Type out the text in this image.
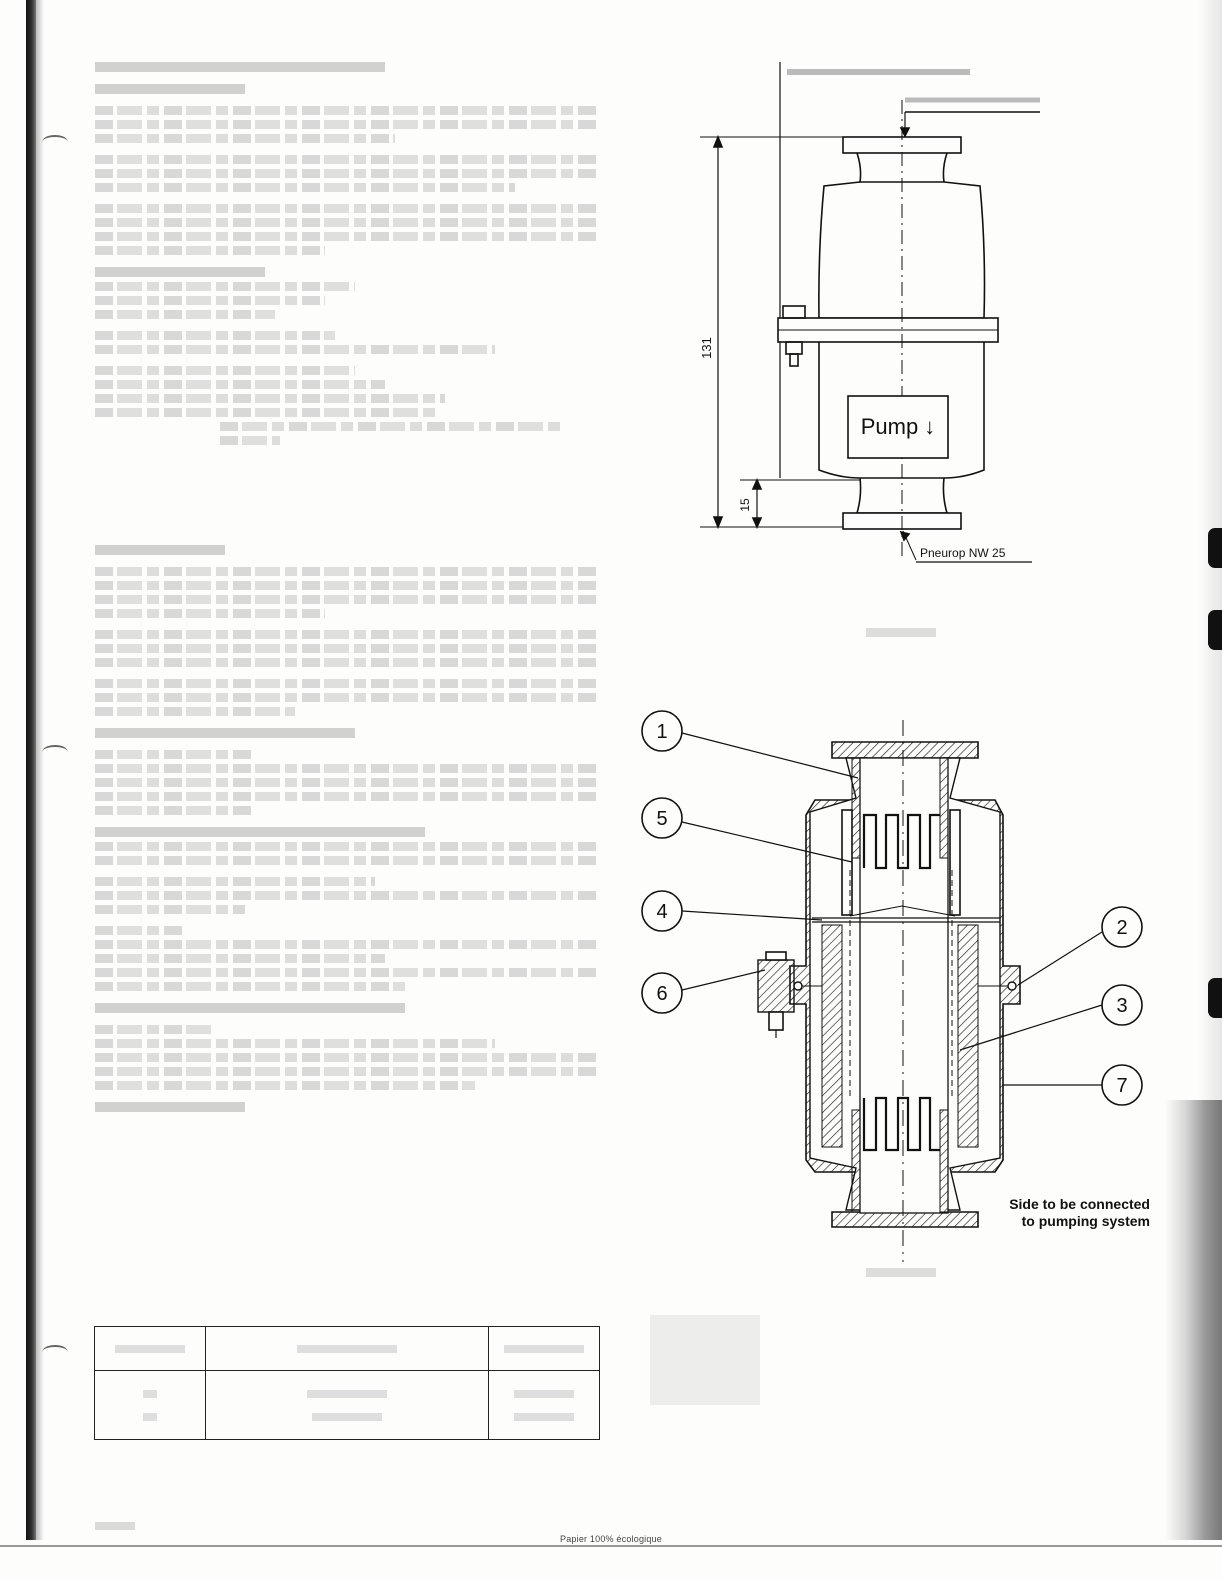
131
15
Pump ↓
Pneurop NW 25
1
5
4
6
2
3
7
Side to be connected
to pumping system
Papier 100% écologique
